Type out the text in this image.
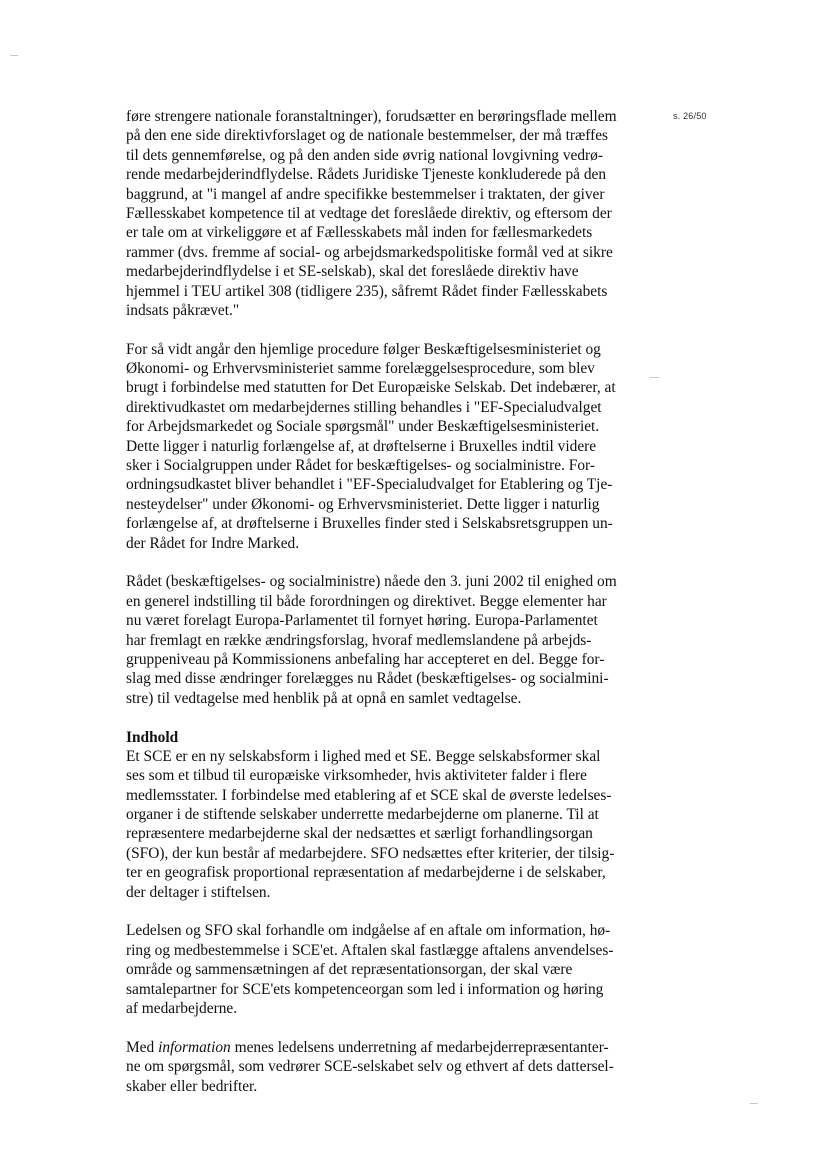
s. 26/50
føre strengere nationale foranstaltninger), forudsætter en berøringsflade mellem
på den ene side direktivforslaget og de nationale bestemmelser, der må træffes
til dets gennemførelse, og på den anden side øvrig national lovgivning vedrø-
rende medarbejderindflydelse. Rådets Juridiske Tjeneste konkluderede på den
baggrund, at "i mangel af andre specifikke bestemmelser i traktaten, der giver
Fællesskabet kompetence til at vedtage det foreslåede direktiv, og eftersom der
er tale om at virkeliggøre et af Fællesskabets mål inden for fællesmarkedets
rammer (dvs. fremme af social- og arbejdsmarkedspolitiske formål ved at sikre
medarbejderindflydelse i et SE-selskab), skal det foreslåede direktiv have
hjemmel i TEU artikel 308 (tidligere 235), såfremt Rådet finder Fællesskabets
indsats påkrævet."
For så vidt angår den hjemlige procedure følger Beskæftigelsesministeriet og
Økonomi- og Erhvervsministeriet samme forelæggelsesprocedure, som blev
brugt i forbindelse med statutten for Det Europæiske Selskab. Det indebærer, at
direktivudkastet om medarbejdernes stilling behandles i "EF-Specialudvalget
for Arbejdsmarkedet og Sociale spørgsmål" under Beskæftigelsesministeriet.
Dette ligger i naturlig forlængelse af, at drøftelserne i Bruxelles indtil videre
sker i Socialgruppen under Rådet for beskæftigelses- og socialministre. For-
ordningsudkastet bliver behandlet i "EF-Specialudvalget for Etablering og Tje-
nesteydelser" under Økonomi- og Erhvervsministeriet. Dette ligger i naturlig
forlængelse af, at drøftelserne i Bruxelles finder sted i Selskabsretsgruppen un-
der Rådet for Indre Marked.
Rådet (beskæftigelses- og socialministre) nåede den 3. juni 2002 til enighed om
en generel indstilling til både forordningen og direktivet. Begge elementer har
nu været forelagt Europa-Parlamentet til fornyet høring. Europa-Parlamentet
har fremlagt en række ændringsforslag, hvoraf medlemslandene på arbejds-
gruppeniveau på Kommissionens anbefaling har accepteret en del. Begge for-
slag med disse ændringer forelægges nu Rådet (beskæftigelses- og socialmini-
stre) til vedtagelse med henblik på at opnå en samlet vedtagelse.
Indhold
Et SCE er en ny selskabsform i lighed med et SE. Begge selskabsformer skal
ses som et tilbud til europæiske virksomheder, hvis aktiviteter falder i flere
medlemsstater. I forbindelse med etablering af et SCE skal de øverste ledelses-
organer i de stiftende selskaber underrette medarbejderne om planerne. Til at
repræsentere medarbejderne skal der nedsættes et særligt forhandlingsorgan
(SFO), der kun består af medarbejdere. SFO nedsættes efter kriterier, der tilsig-
ter en geografisk proportional repræsentation af medarbejderne i de selskaber,
der deltager i stiftelsen.
Ledelsen og SFO skal forhandle om indgåelse af en aftale om information, hø-
ring og medbestemmelse i SCE'et. Aftalen skal fastlægge aftalens anvendelses-
område og sammensætningen af det repræsentationsorgan, der skal være
samtalepartner for SCE'ets kompetenceorgan som led i information og høring
af medarbejderne.
Med information menes ledelsens underretning af medarbejderrepræsentanter-
ne om spørgsmål, som vedrører SCE-selskabet selv og ethvert af dets dattersel-
skaber eller bedrifter.
